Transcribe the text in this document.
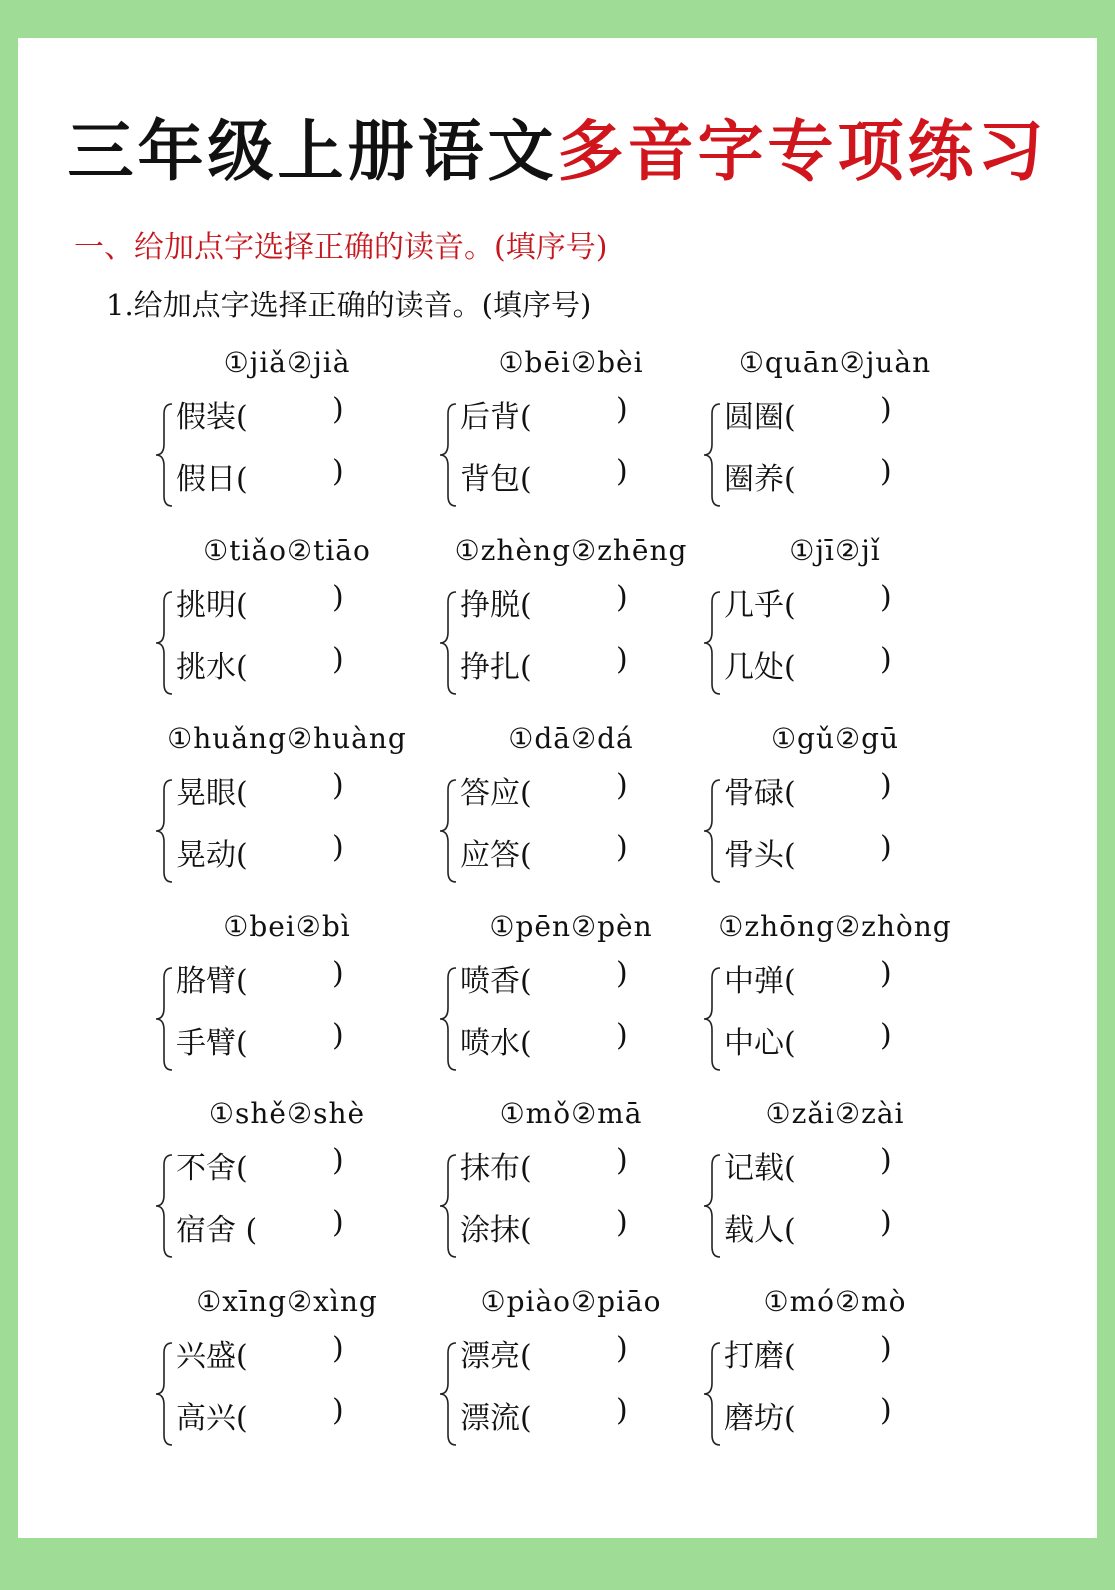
三年级上册语文多音字专项练习
一、给加点字选择正确的读音。(填序号)
1.给加点字选择正确的读音。(填序号)
①jiǎ②jià
假装(	)
假日(	)
①bēi②bèi
后背(	)
背包(	)
①quān②juàn
圆圈(	)
圈养(	)
①tiǎo②tiāo
挑明(	)
挑水(	)
①zhèng②zhēng
挣脱(	)
挣扎(	)
①jī②jǐ
几乎(	)
几处(	)
①huǎng②huàng
晃眼(	)
晃动(	)
①dā②dá
答应(	)
应答(	)
①gǔ②gū
骨碌(	)
骨头(	)
①bei②bì
胳臂(	)
手臂(	)
①pēn②pèn
喷香(	)
喷水(	)
①zhōng②zhòng
中弹(	)
中心(	)
①shě②shè
不舍(	)
宿舍 ( )
①mǒ②mā
抹布(	)
涂抹(	)
①zǎi②zài
记载(	)
载人(	)
①xīng②xìng
兴盛(	)
高兴(	)
①piào②piāo
漂亮(	)
漂流(	)
①mó②mò
打磨(	)
磨坊(	)
